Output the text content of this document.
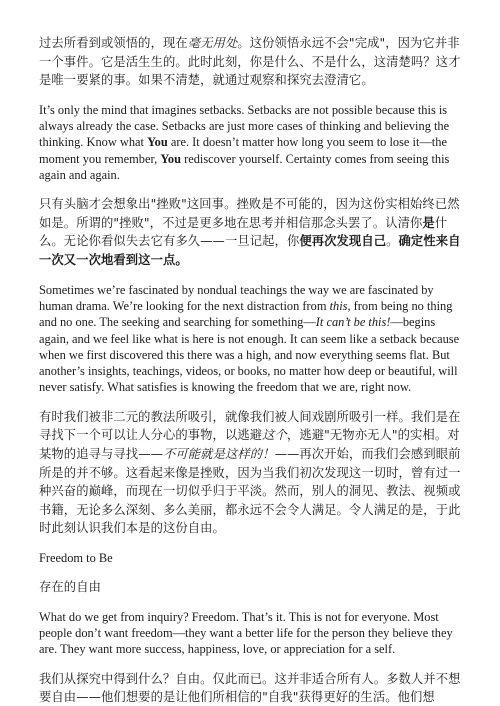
过去所看到或领悟的，现在毫无用处。这份领悟永远不会"完成"，因为它并非一个事件。它是活生生的。此时此刻，你是什么、不是什么，这清楚吗？这才是唯一要紧的事。如果不清楚，就通过观察和探究去澄清它。

It’s only the mind that imagines setbacks. Setbacks are not possible because this is always already the case. Setbacks are just more cases of thinking and believing the thinking. Know what You are. It doesn’t matter how long you seem to lose it—the moment you remember, You rediscover yourself. Certainty comes from seeing this again and again.

只有头脑才会想象出"挫败"这回事。挫败是不可能的，因为这份实相始终已然如是。所谓的"挫败"，不过是更多地在思考并相信那念头罢了。认清你是什么。无论你看似失去它有多久——一旦记起，你便再次发现自己。确定性来自一次又一次地看到这一点。

Sometimes we’re fascinated by nondual teachings the way we are fascinated by human drama. We’re looking for the next distraction from this, from being no thing and no one. The seeking and searching for something—It can’t be this!—begins again, and we feel like what is here is not enough. It can seem like a setback because when we first discovered this there was a high, and now everything seems flat. But another’s insights, teachings, videos, or books, no matter how deep or beautiful, will never satisfy. What satisfies is knowing the freedom that we are, right now.

有时我们被非二元的教法所吸引，就像我们被人间戏剧所吸引一样。我们是在寻找下一个可以让人分心的事物，以逃避这个，逃避"无物亦无人"的实相。对某物的追寻与寻找——不可能就是这样的！——再次开始，而我们会感到眼前所是的并不够。这看起来像是挫败，因为当我们初次发现这一切时，曾有过一种兴奋的巅峰，而现在一切似乎归于平淡。然而，别人的洞见、教法、视频或书籍，无论多么深刻、多么美丽，都永远不会令人满足。令人满足的是，于此时此刻认识我们本是的这份自由。

Freedom to Be

存在的自由

What do we get from inquiry? Freedom. That’s it. This is not for everyone. Most people don’t want freedom—they want a better life for the person they believe they are. They want more success, happiness, love, or appreciation for a self.

我们从探究中得到什么？自由。仅此而已。这并非适合所有人。多数人并不想要自由——他们想要的是让他们所相信的"自我"获得更好的生活。他们想
